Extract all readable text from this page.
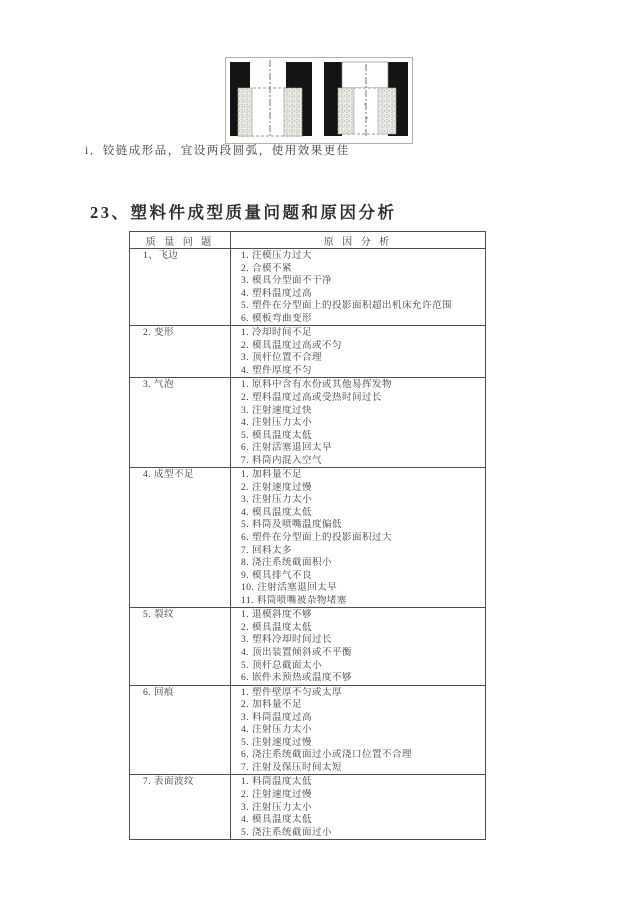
i．铰链成形品，宜设两段圆弧，使用效果更佳
23、塑料件成型质量问题和原因分析
质 量 问 题	原 因 分 析
1、飞边	1. 注模压力过大
2. 合模不紧
3. 模具分型面不干净
4. 塑料温度过高
5. 塑件在分型面上的投影面积超出机床允许范围
6. 模板弯曲变形

2. 变形	1. 冷却时间不足
2. 模具温度过高或不匀
3. 顶杆位置不合理
4. 塑件厚度不匀

3. 气泡	1. 原料中含有水份或其他易挥发物
2. 塑料温度过高或受热时间过长
3. 注射速度过快
4. 注射压力太小
5. 模具温度太低
6. 注射活塞退回太早
7. 料筒内混入空气

4. 成型不足	1. 加料量不足
2. 注射速度过慢
3. 注射压力太小
4. 模具温度太低
5. 料筒及喷嘴温度偏低
6. 塑件在分型面上的投影面积过大
7. 回料太多
8. 浇注系统截面积小
9. 模具排气不良
10. 注射活塞退回太早
11. 料筒喷嘴被杂物堵塞

5. 裂纹	1. 退模斜度不够
2. 模具温度太低
3. 塑料冷却时间过长
4. 顶出装置倾斜或不平衡
5. 顶杆总截面太小
6. 嵌件未预热或温度不够

6. 回痕	1. 塑件壁厚不匀或太厚
2. 加料量不足
3. 料筒温度过高
4. 注射压力太小
5. 注射速度过慢
6. 浇注系统截面过小或浇口位置不合理
7. 注射及保压时间太短

7. 表面波纹	1. 料筒温度太低
2. 注射速度过慢
3. 注射压力太小
4. 模具温度太低
5. 浇注系统截面过小
